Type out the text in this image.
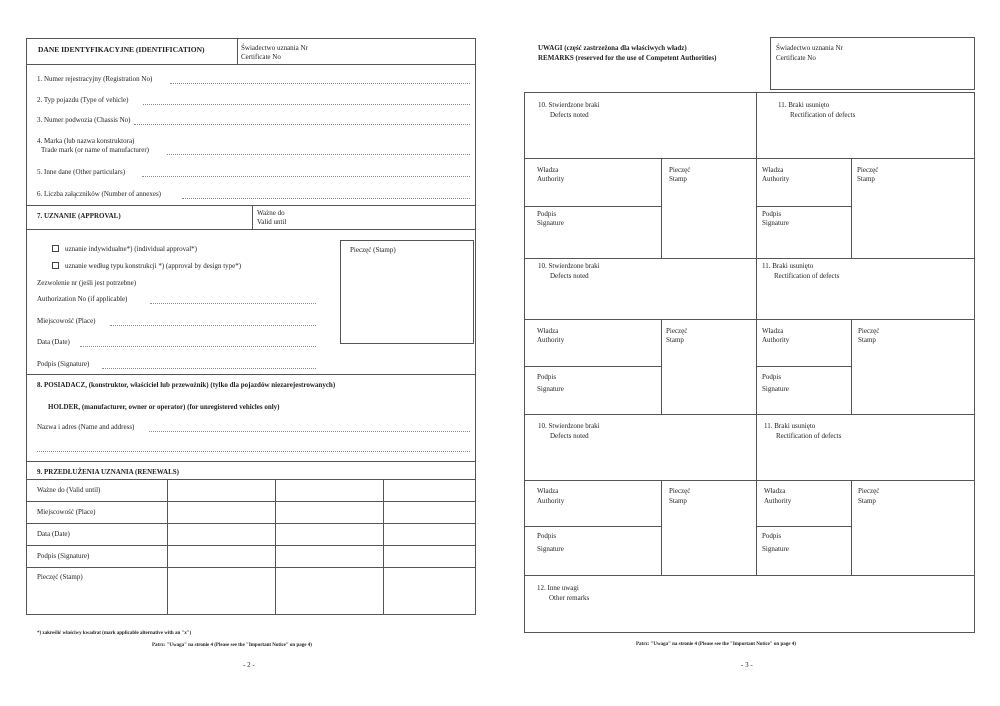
DANE IDENTYFIKACYJNE (IDENTIFICATION)	Świadectwo uznania Nr
Certificate No
1. Numer rejestracyjny (Registration No)
2. Typ pojazdu (Type of vehicle)
3. Numer podwozia (Chassis No)
4. Marka (lub nazwa konstruktora)
Trade mark (or name of manufacturer)
5. Inne dane (Other particulars)
6. Liczba załączników (Number of annexes)
7. UZNANIE (APPROVAL)	Ważne do
Valid until
uznanie indywidualne*) (individual approval*)
uznanie według typu konstrukcji *) (approval by design type*)
Pieczęć (Stamp)
Zezwolenie nr (jeśli jest potrzebne)
Authorization No (if applicable)
Miejscowość (Place)
Data (Date)
Podpis (Signature)
8. POSIADACZ, (konstruktor, właściciel lub przewoźnik) (tylko dla pojazdów niezarejestrowanych)
HOLDER, (manufacturer, owner or operator) (for unregistered vehicles only)
Nazwa i adres (Name and address)
9. PRZEDŁUŻENIA UZNANIA (RENEWALS)
Ważne do (Valid until)
Miejscowość (Place)
Data (Date)
Podpis (Signature)
Pieczęć (Stamp)
*) zakreślić właściwy kwadrat (mark applicable alternative with an "x")
Patrz: "Uwaga" na stronie 4 (Please see the "Important Notice" on page 4)
- 2 -
UWAGI (część zastrzeżona dla właściwych władz)
REMARKS (reserved for the use of Competent Authorities)
Świadectwo uznania Nr
Certificate No
10. Stwierdzone braki
Defects noted
11. Braki usunięto
Rectification of defects
Władza
Authority
Pieczęć
Stamp
Władza
Authority
Pieczęć
Stamp
Podpis
Signature
Podpis
Signature
10. Stwierdzone braki
Defects noted
11. Braki usunięto
Rectification of defects
Władza
Authority
Pieczęć
Stamp
Władza
Authority
Pieczęć
Stamp
Podpis
Signature
Podpis
Signature
10. Stwierdzone braki
Defects noted
11. Braki usunięto
Rectification of defects
Władza
Authority
Pieczęć
Stamp
Władza
Authority
Pieczęć
Stamp
Podpis
Signature
Podpis
Signature
12. Inne uwagi
Other remarks
Patrz: "Uwaga" na stronie 4 (Please see the "Important Notice" on page 4)
- 3 -
